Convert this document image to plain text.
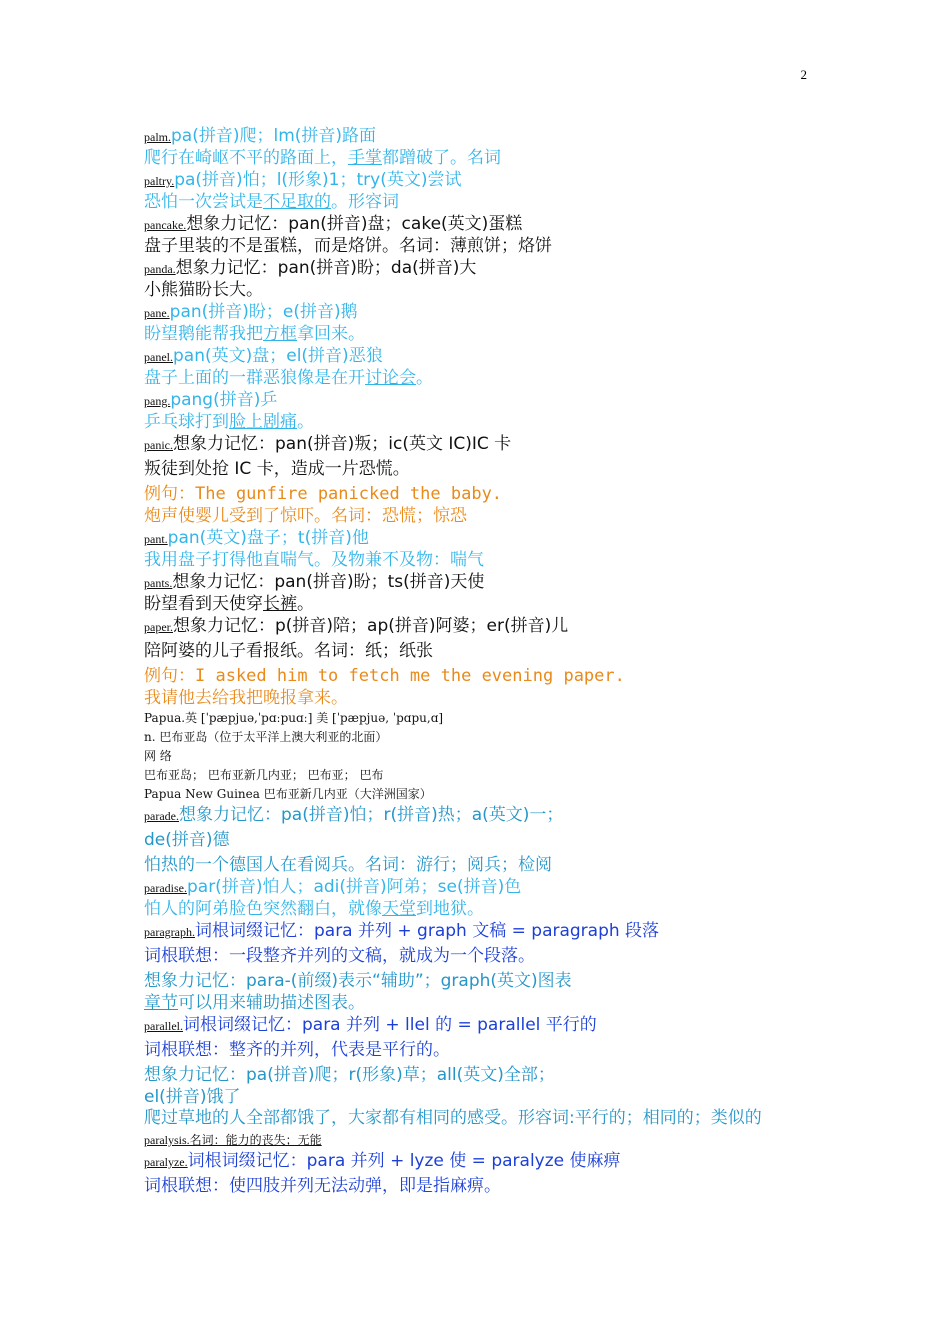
2
palm.pa(拼音)爬；lm(拼音)路面
爬行在崎岖不平的路面上，手掌都蹭破了。名词
paltry.pa(拼音)怕；l(形象)1；try(英文)尝试
恐怕一次尝试是不足取的。形容词
pancake.想象力记忆：pan(拼音)盘；cake(英文)蛋糕
盘子里装的不是蛋糕，而是烙饼。名词：薄煎饼；烙饼
panda.想象力记忆：pan(拼音)盼；da(拼音)大
小熊猫盼长大。
pane.pan(拼音)盼；e(拼音)鹅
盼望鹅能帮我把方框拿回来。
panel.pan(英文)盘；el(拼音)恶狼
盘子上面的一群恶狼像是在开讨论会。
pang.pang(拼音)乒
乒乓球打到脸上剧痛。
panic.想象力记忆：pan(拼音)叛；ic(英文 IC)IC 卡
叛徒到处抢 IC 卡，造成一片恐慌。
例句：The gunfire panicked the baby.
炮声使婴儿受到了惊吓。名词：恐慌；惊恐
pant.pan(英文)盘子；t(拼音)他
我用盘子打得他直喘气。及物兼不及物：喘气
pants.想象力记忆：pan(拼音)盼；ts(拼音)天使
盼望看到天使穿长裤。
paper.想象力记忆：p(拼音)陪；ap(拼音)阿婆；er(拼音)儿
陪阿婆的儿子看报纸。名词：纸；纸张
例句：I asked him to fetch me the evening paper.
我请他去给我把晚报拿来。
Papua.英 [ˈpæpjuə,ˈpɑːpuɑː] 美 [ˈpæpjuə, ˈpɑpu,ɑ]
n. 巴布亚岛（位于太平洋上澳大利亚的北面）
网 络
巴布亚岛； 巴布亚新几内亚； 巴布亚； 巴布
Papua New Guinea 巴布亚新几内亚（大洋洲国家）
parade.想象力记忆：pa(拼音)怕；r(拼音)热；a(英文)一；
de(拼音)德
怕热的一个德国人在看阅兵。名词：游行；阅兵；检阅
paradise.par(拼音)怕人；adi(拼音)阿弟；se(拼音)色
怕人的阿弟脸色突然翻白，就像天堂到地狱。
paragraph.词根词缀记忆：para 并列 + graph 文稿 = paragraph 段落
词根联想：一段整齐并列的文稿，就成为一个段落。
想象力记忆：para-(前缀)表示“辅助”；graph(英文)图表
章节可以用来辅助描述图表。
parallel.词根词缀记忆：para 并列 + llel 的 = parallel 平行的
词根联想：整齐的并列，代表是平行的。
想象力记忆：pa(拼音)爬；r(形象)草；all(英文)全部；
el(拼音)饿了
爬过草地的人全部都饿了，大家都有相同的感受。形容词:平行的；相同的；类似的
paralysis.名词：能力的丧失；无能
paralyze.词根词缀记忆：para 并列 + lyze 使 = paralyze 使麻痹
词根联想：使四肢并列无法动弹，即是指麻痹。
